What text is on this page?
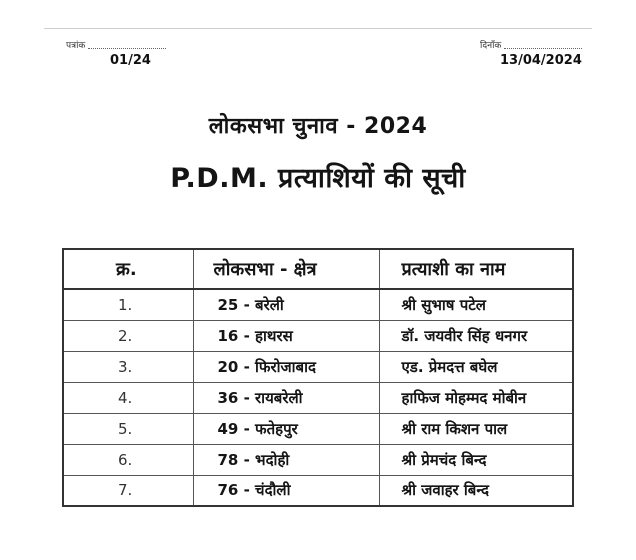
पत्रांक
01/24
दिनाँक
13/04/2024
लोकसभा चुनाव - 2024
P.D.M. प्रत्याशियों की सूची
क्र.	लोकसभा - क्षेत्र	प्रत्याशी का नाम
1.	25 - बरेली	श्री सुभाष पटेल
2.	16 - हाथरस	डॉ. जयवीर सिंह धनगर
3.	20 - फिरोजाबाद	एड. प्रेमदत्त बघेल
4.	36 - रायबरेली	हाफिज मोहम्मद मोबीन
5.	49 - फतेहपुर	श्री राम किशन पाल
6.	78 - भदोही	श्री प्रेमचंद बिन्द
7.	76 - चंदौली	श्री जवाहर बिन्द
